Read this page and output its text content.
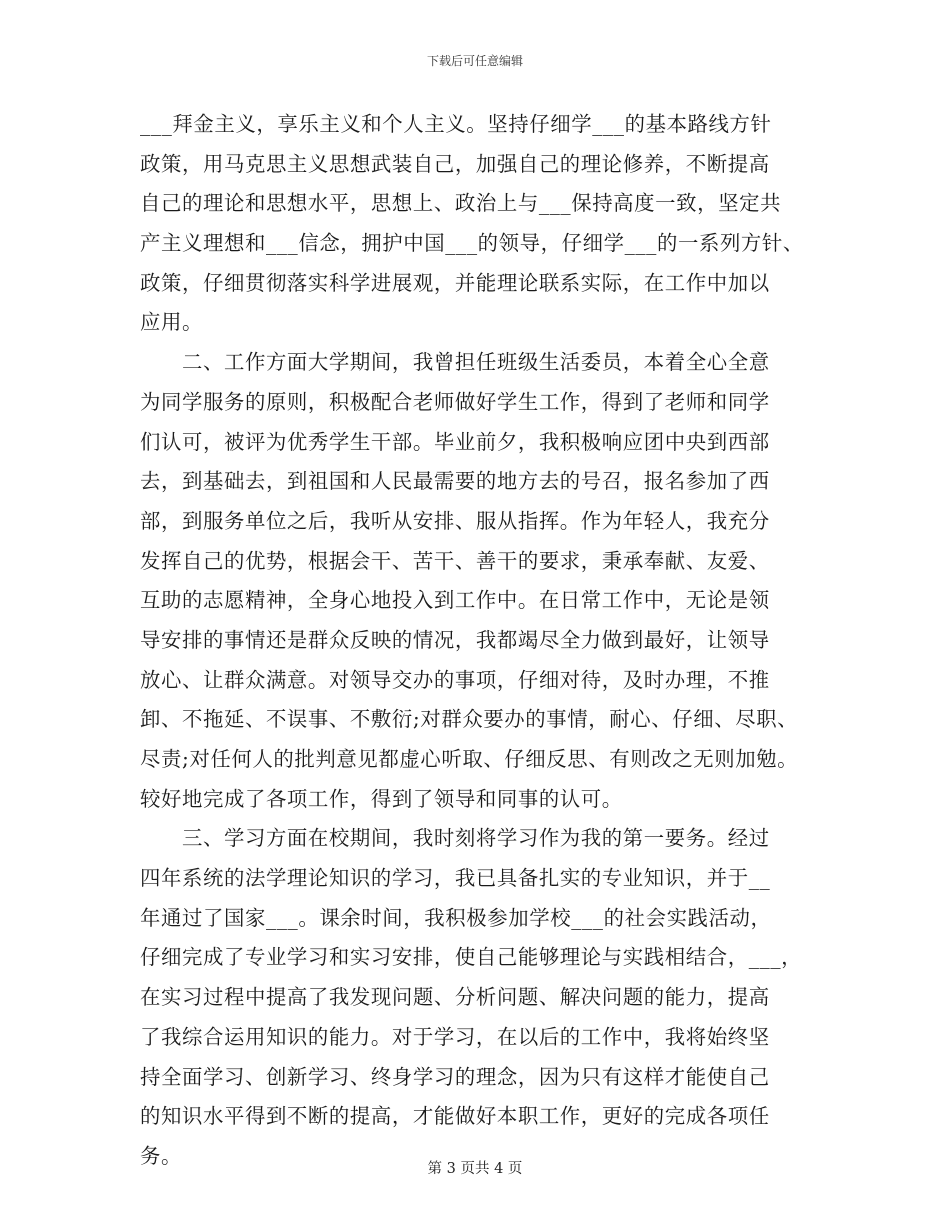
下载后可任意编辑
___拜金主义，享乐主义和个人主义。坚持仔细学___的基本路线方针
政策，用马克思主义思想武装自己，加强自己的理论修养，不断提高
自己的理论和思想水平，思想上、政治上与___保持高度一致，坚定共
产主义理想和___信念，拥护中国___的领导，仔细学___的一系列方针、
政策，仔细贯彻落实科学进展观，并能理论联系实际，在工作中加以
应用。
　　二、工作方面大学期间，我曾担任班级生活委员，本着全心全意
为同学服务的原则，积极配合老师做好学生工作，得到了老师和同学
们认可，被评为优秀学生干部。毕业前夕，我积极响应团中央到西部
去，到基础去，到祖国和人民最需要的地方去的号召，报名参加了西
部，到服务单位之后，我听从安排、服从指挥。作为年轻人，我充分
发挥自己的优势，根据会干、苦干、善干的要求，秉承奉献、友爱、
互助的志愿精神，全身心地投入到工作中。在日常工作中，无论是领
导安排的事情还是群众反映的情况，我都竭尽全力做到最好，让领导
放心、让群众满意。对领导交办的事项，仔细对待，及时办理，不推
卸、不拖延、不误事、不敷衍;对群众要办的事情，耐心、仔细、尽职、
尽责;对任何人的批判意见都虚心听取、仔细反思、有则改之无则加勉。
较好地完成了各项工作，得到了领导和同事的认可。
　　三、学习方面在校期间，我时刻将学习作为我的第一要务。经过
四年系统的法学理论知识的学习，我已具备扎实的专业知识，并于__
年通过了国家___。课余时间，我积极参加学校___的社会实践活动，
仔细完成了专业学习和实习安排，使自己能够理论与实践相结合，___，
在实习过程中提高了我发现问题、分析问题、解决问题的能力，提高
了我综合运用知识的能力。对于学习，在以后的工作中，我将始终坚
持全面学习、创新学习、终身学习的理念，因为只有这样才能使自己
的知识水平得到不断的提高，才能做好本职工作，更好的完成各项任
务。
第 3 页共 4 页
